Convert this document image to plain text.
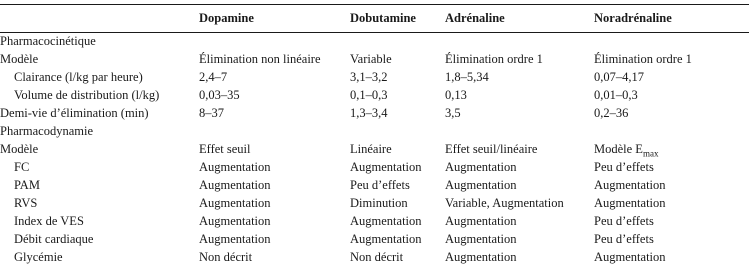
	Dopamine	Dobutamine	Adrénaline	Noradrénaline
Pharmacocinétique				
Modèle	Élimination non linéaire	Variable	Élimination ordre 1	Élimination ordre 1
Clairance (l/kg par heure)	2,4–7	3,1–3,2	1,8–5,34	0,07–4,17
Volume de distribution (l/kg)	0,03–35	0,1–0,3	0,13	0,01–0,3
Demi-vie d’élimination (min)	8–37	1,3–3,4	3,5	0,2–36
Pharmacodynamie				
Modèle	Effet seuil	Linéaire	Effet seuil/linéaire	Modèle $E_{max}$
FC	Augmentation	Augmentation	Augmentation	Peu d’effets
PAM	Augmentation	Peu d’effets	Augmentation	Augmentation
RVS	Augmentation	Diminution	Variable, Augmentation	Augmentation
Index de VES	Augmentation	Augmentation	Augmentation	Peu d’effets
Débit cardiaque	Augmentation	Augmentation	Augmentation	Peu d’effets
Glycémie	Non décrit	Non décrit	Augmentation	Augmentation
